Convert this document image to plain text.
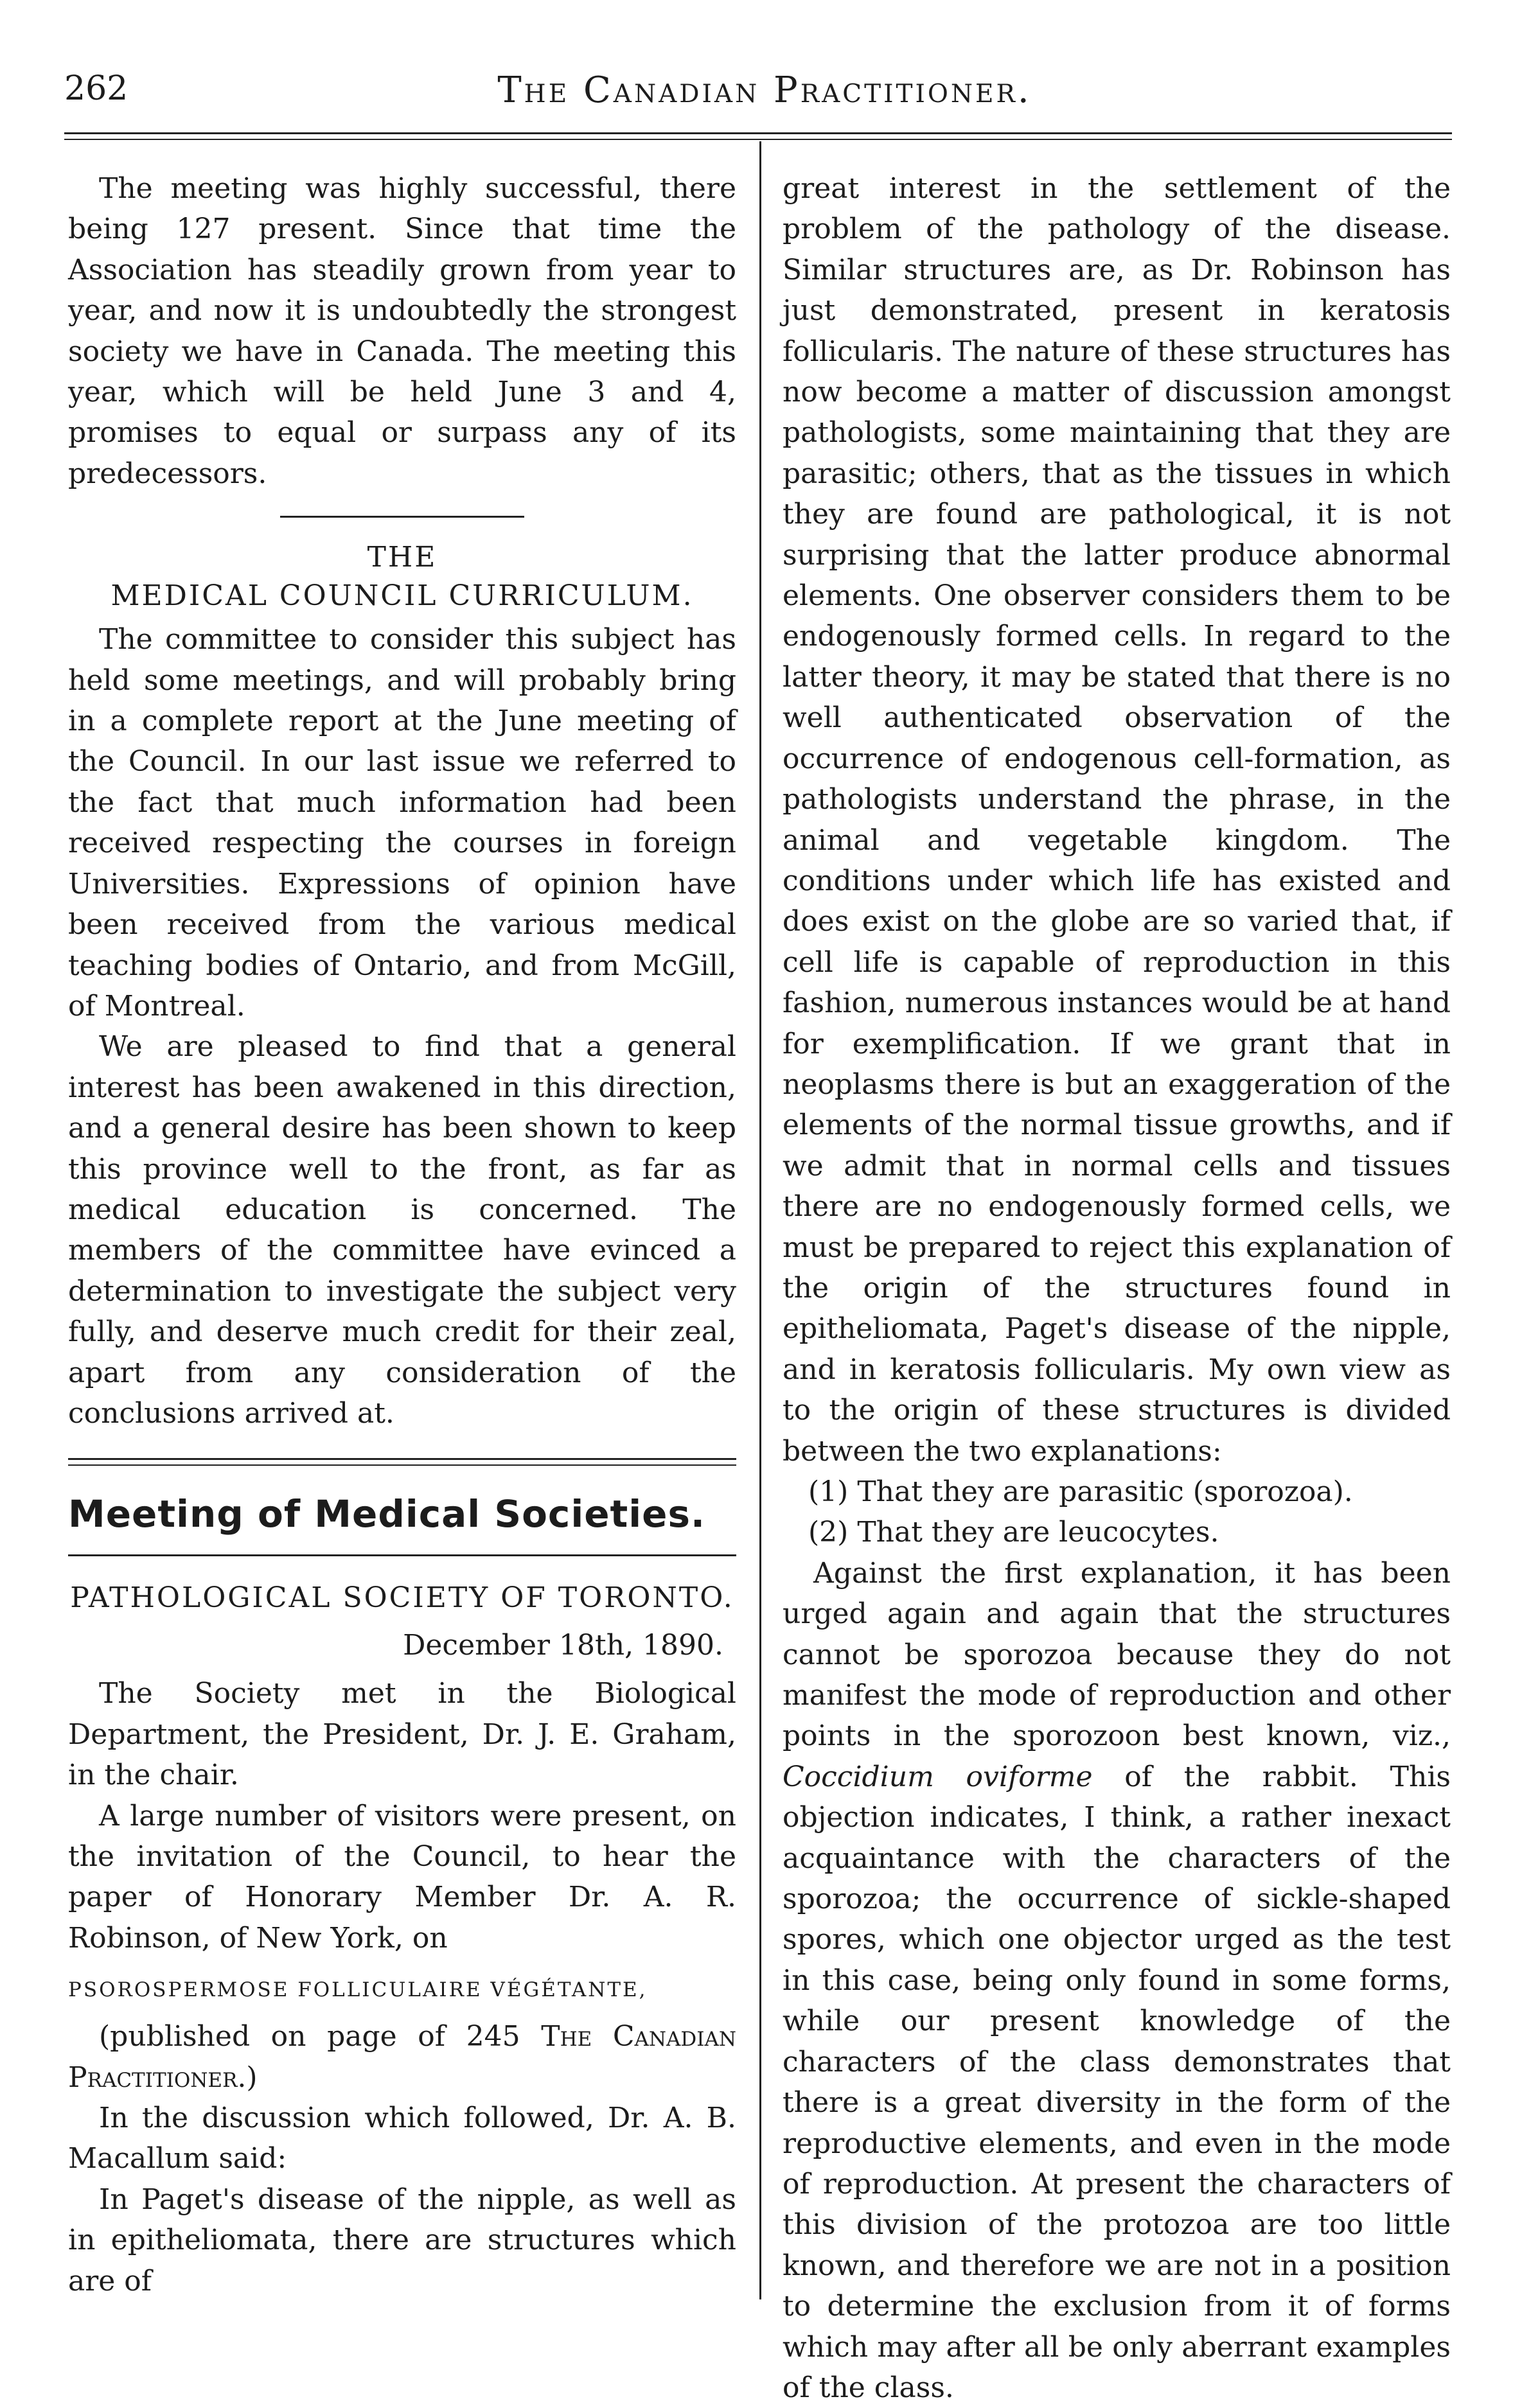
262	The Canadian Practitioner.

The meeting was highly successful, there being 127 present. Since that time the Association has steadily grown from year to year, and now it is undoubtedly the strongest society we have in Canada. The meeting this year, which will be held June 3 and 4, promises to equal or surpass any of its predecessors.

THE

MEDICAL COUNCIL CURRICULUM.

The committee to consider this subject has held some meetings, and will probably bring in a complete report at the June meeting of the Council. In our last issue we referred to the fact that much information had been received respecting the courses in foreign Universities. Expressions of opinion have been received from the various medical teaching bodies of Ontario, and from McGill, of Montreal.

We are pleased to find that a general interest has been awakened in this direction, and a general desire has been shown to keep this province well to the front, as far as medical education is concerned. The members of the committee have evinced a determination to investigate the subject very fully, and deserve much credit for their zeal, apart from any consideration of the conclusions arrived at.

Meeting of Medical Societies.

PATHOLOGICAL SOCIETY OF TORONTO.

December 18th, 1890.

The Society met in the Biological Department, the President, Dr. J. E. Graham, in the chair.

A large number of visitors were present, on the invitation of the Council, to hear the paper of Honorary Member Dr. A. R. Robinson, of New York, on

PSOROSPERMOSE FOLLICULAIRE VÉGÉTANTE,

(published on page of 245 The Canadian Practitioner.)

In the discussion which followed, Dr. A. B. Macallum said:

In Paget's disease of the nipple, as well as in epitheliomata, there are structures which are of

great interest in the settlement of the problem of the pathology of the disease. Similar structures are, as Dr. Robinson has just demonstrated, present in keratosis follicularis. The nature of these structures has now become a matter of discussion amongst pathologists, some maintaining that they are parasitic; others, that as the tissues in which they are found are pathological, it is not surprising that the latter produce abnormal elements. One observer considers them to be endogenously formed cells. In regard to the latter theory, it may be stated that there is no well authenticated observation of the occurrence of endogenous cell-formation, as pathologists understand the phrase, in the animal and vegetable kingdom. The conditions under which life has existed and does exist on the globe are so varied that, if cell life is capable of reproduction in this fashion, numerous instances would be at hand for exemplification. If we grant that in neoplasms there is but an exaggeration of the elements of the normal tissue growths, and if we admit that in normal cells and tissues there are no endogenously formed cells, we must be prepared to reject this explanation of the origin of the structures found in epitheliomata, Paget's disease of the nipple, and in keratosis follicularis. My own view as to the origin of these structures is divided between the two explanations:

(1) That they are parasitic (sporozoa).

(2) That they are leucocytes.

Against the first explanation, it has been urged again and again that the structures cannot be sporozoa because they do not manifest the mode of reproduction and other points in the sporozoon best known, viz., Coccidium oviforme of the rabbit. This objection indicates, I think, a rather inexact acquaintance with the characters of the sporozoa; the occurrence of sickle-shaped spores, which one objector urged as the test in this case, being only found in some forms, while our present knowledge of the characters of the class demonstrates that there is a great diversity in the form of the reproductive elements, and even in the mode of reproduction. At present the characters of this division of the protozoa are too little known, and therefore we are not in a position to determine the exclusion from it of forms which may after all be only aberrant examples of the class.
